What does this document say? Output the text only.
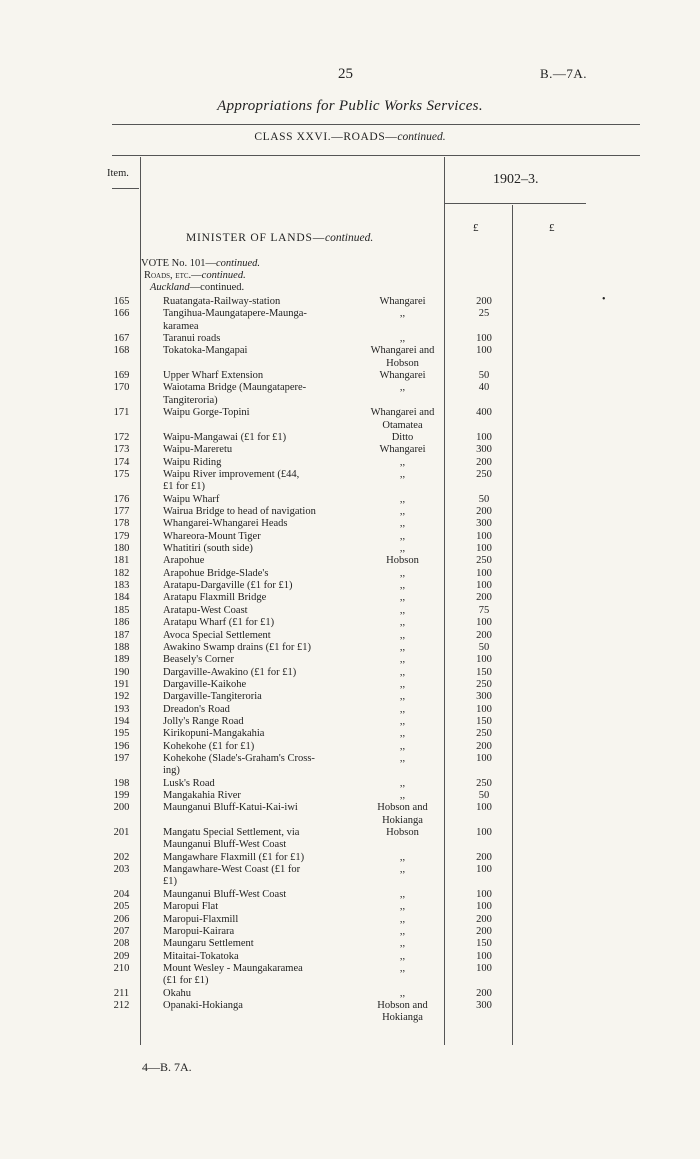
25	B.—7A.
Appropriations for Public Works Services.
CLASS XXVI.—ROADS—continued.
Item.	1902–3.
£	£
MINISTER OF LANDS—continued.
VOTE No. 101—continued.
Roads, etc.—continued.
Auckland—continued.
165	Ruatangata-Railway-station	Whangarei	200
166	Tangihua-Maungatapere-Maunga-	,,	25
karamea
167	Taranui roads	,,	100
168	Tokatoka-Mangapai	Whangarei and	100
Hobson
169	Upper Wharf Extension	Whangarei	50
170	Waiotama Bridge (Maungatapere-	,,	40
Tangiteroria)
171	Waipu Gorge-Topini	Whangarei and	400
Otamatea
172	Waipu-Mangawai (£1 for £1)	Ditto	100
173	Waipu-Mareretu	Whangarei	300
174	Waipu Riding	,,	200
175	Waipu River improvement (£44,	,,	250
£1 for £1)
176	Waipu Wharf	,,	50
177	Wairua Bridge to head of navigation	,,	200
178	Whangarei-Whangarei Heads	,,	300
179	Whareora-Mount Tiger	,,	100
180	Whatitiri (south side)	,,	100
181	Arapohue	Hobson	250
182	Arapohue Bridge-Slade's	,,	100
183	Aratapu-Dargaville (£1 for £1)	,,	100
184	Aratapu Flaxmill Bridge	,,	200
185	Aratapu-West Coast	,,	75
186	Aratapu Wharf (£1 for £1)	,,	100
187	Avoca Special Settlement	,,	200
188	Awakino Swamp drains (£1 for £1)	,,	50
189	Beasely's Corner	,,	100
190	Dargaville-Awakino (£1 for £1)	,,	150
191	Dargaville-Kaikohe	,,	250
192	Dargaville-Tangiteroria	,,	300
193	Dreadon's Road	,,	100
194	Jolly's Range Road	,,	150
195	Kirikopuni-Mangakahia	,,	250
196	Kohekohe (£1 for £1)	,,	200
197	Kohekohe (Slade's-Graham's Cross-	,,	100
ing)
198	Lusk's Road	,,	250
199	Mangakahia River	,,	50
200	Maunganui Bluff-Katui-Kai-iwi	Hobson and	100
Hokianga
201	Mangatu Special Settlement, via	Hobson	100
Maunganui Bluff-West Coast
202	Mangawhare Flaxmill (£1 for £1)	,,	200
203	Mangawhare-West Coast (£1 for	,,	100
£1)
204	Maunganui Bluff-West Coast	,,	100
205	Maropui Flat	,,	100
206	Maropui-Flaxmill	,,	200
207	Maropui-Kairara	,,	200
208	Maungaru Settlement	,,	150
209	Mitaitai-Tokatoka	,,	100
210	Mount Wesley - Maungakaramea	,,	100
(£1 for £1)
211	Okahu	,,	200
212	Opanaki-Hokianga	Hobson and	300
Hokianga
•
4—B. 7A.
